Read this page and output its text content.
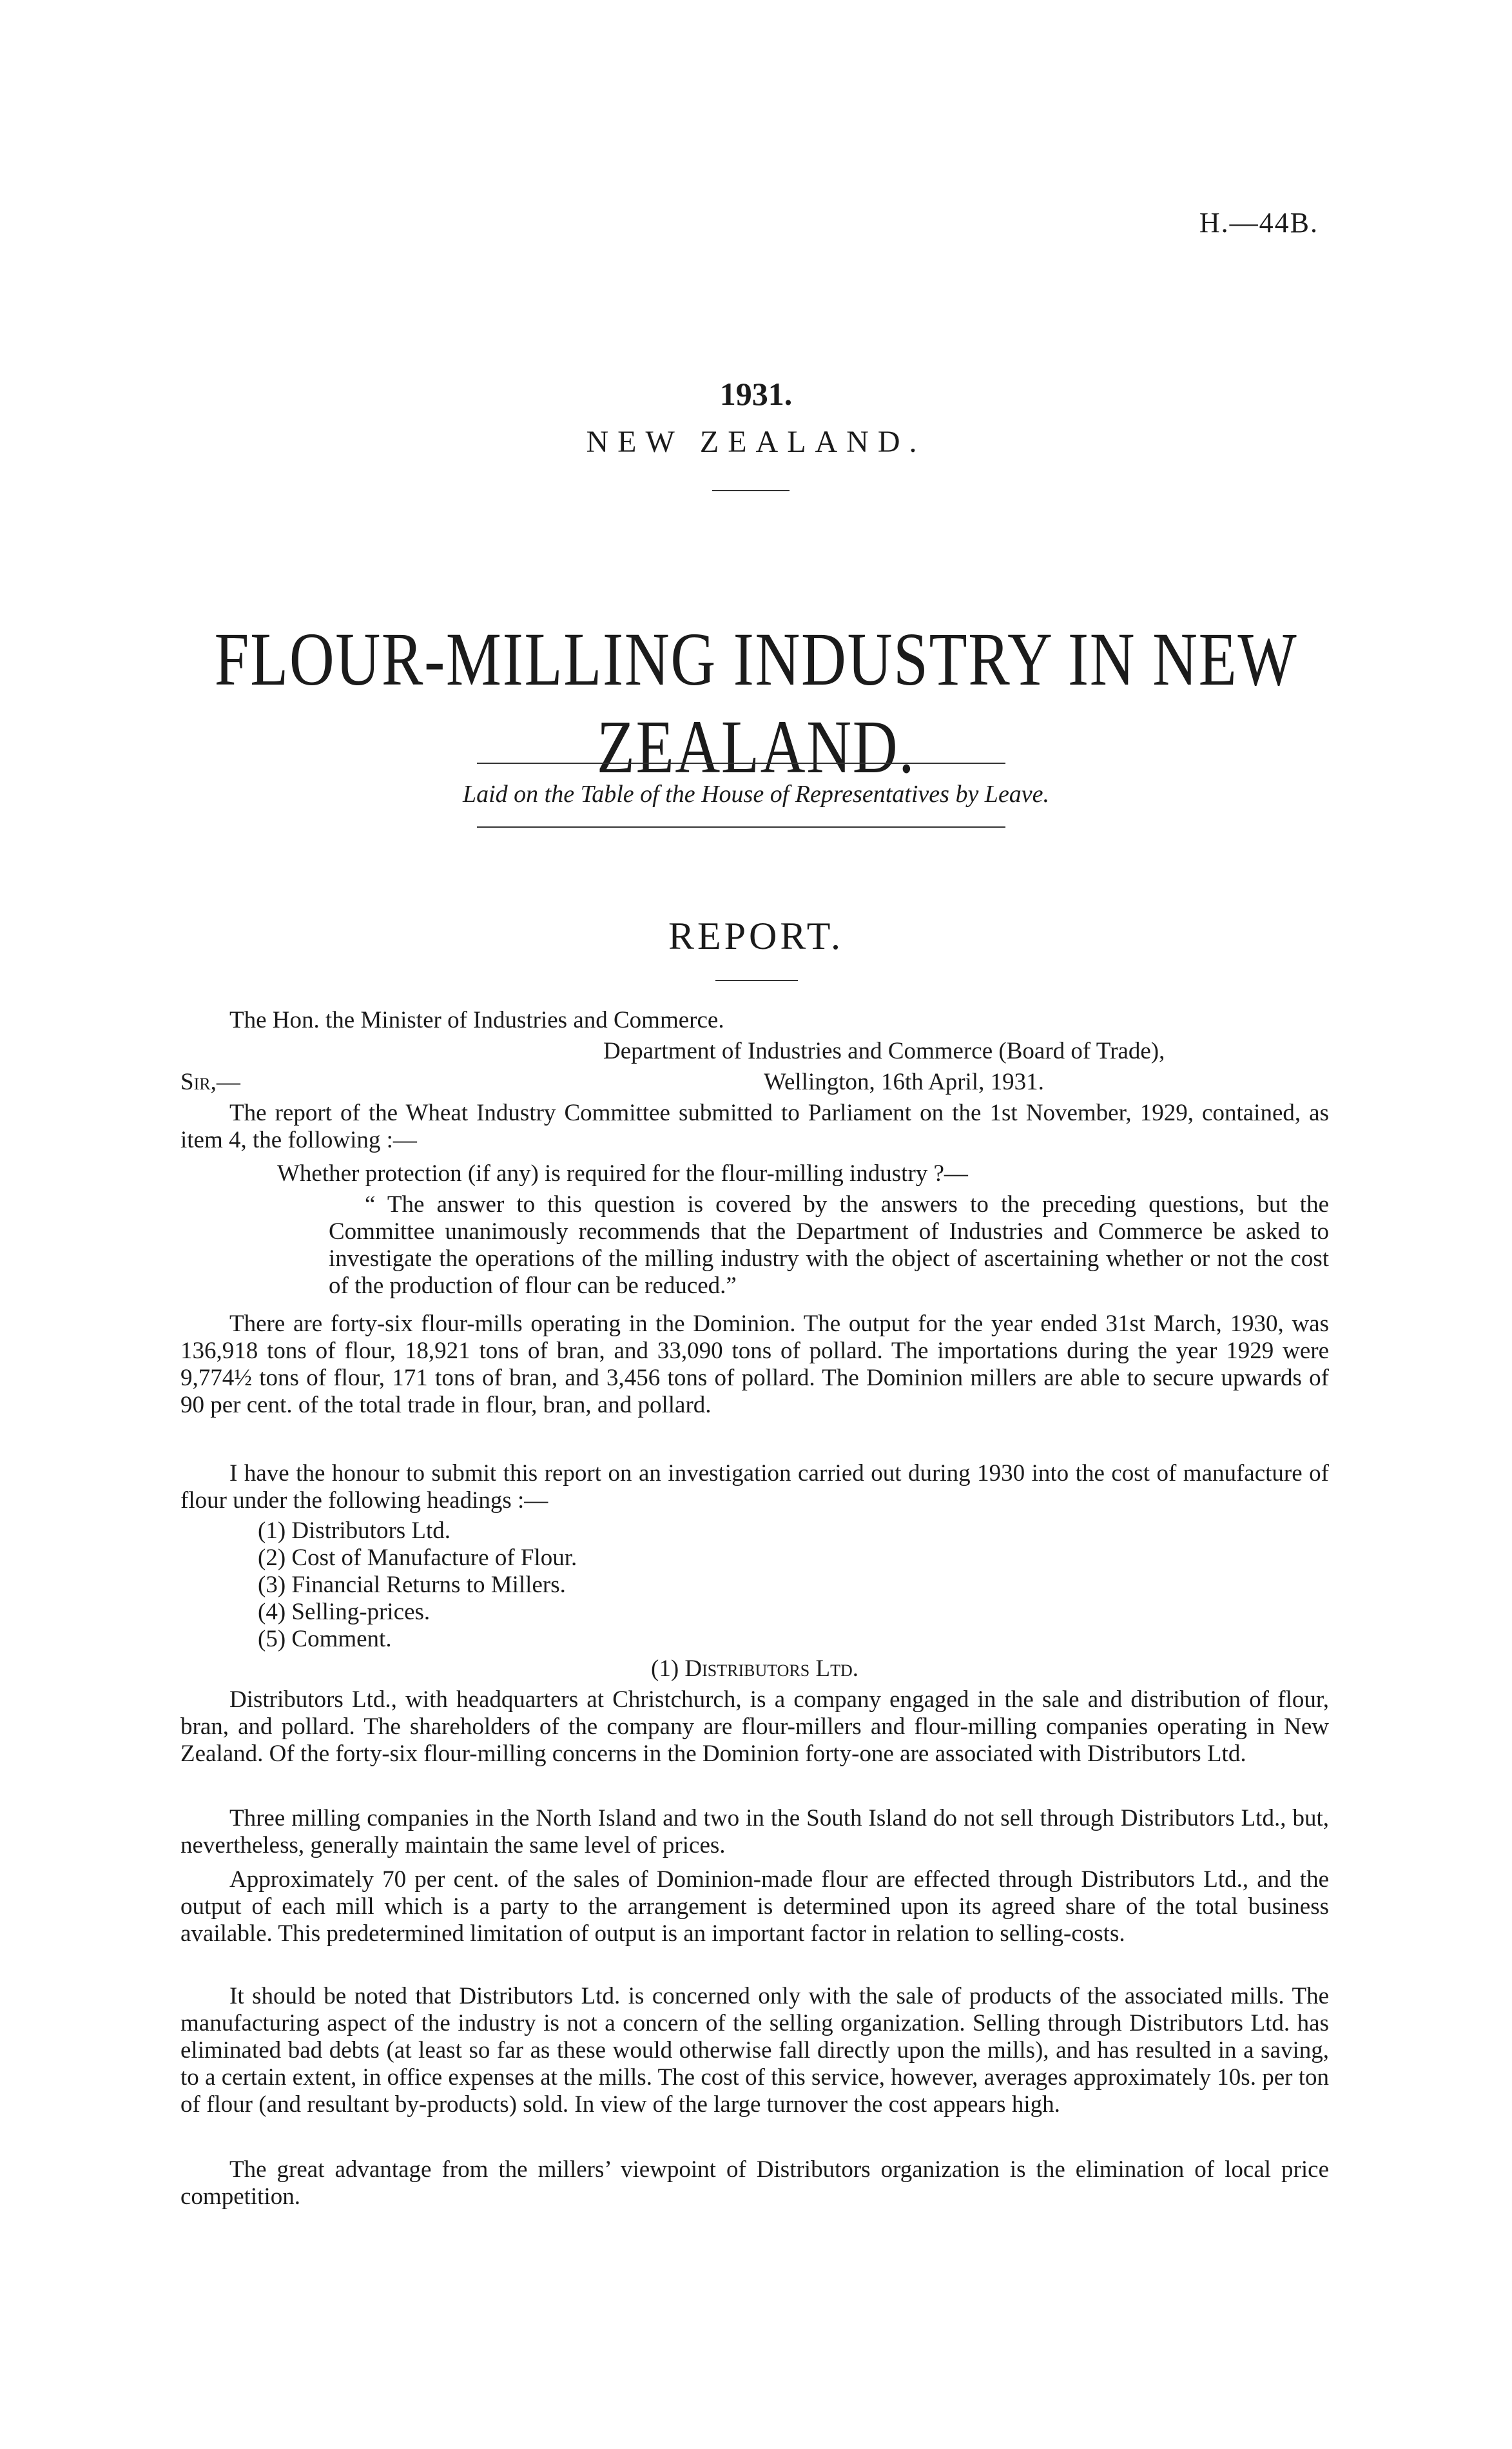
H.—44B.
1931.
NEW ZEALAND.
FLOUR-MILLING INDUSTRY IN NEW ZEALAND.
Laid on the Table of the House of Representatives by Leave.
REPORT.

The Hon. the Minister of Industries and Commerce.

Department of Industries and Commerce (Board of Trade),

Sir,—	Wellington, 16th April, 1931.

The report of the Wheat Industry Committee submitted to Parliament on the 1st November, 1929, contained, as item 4, the following :—

Whether protection (if any) is required for the flour-milling industry ?—

“ The answer to this question is covered by the answers to the preceding questions, but the Committee unanimously recommends that the Department of Industries and Commerce be asked to investigate the operations of the milling industry with the object of ascertaining whether or not the cost of the production of flour can be reduced.”

There are forty-six flour-mills operating in the Dominion. The output for the year ended 31st March, 1930, was 136,918 tons of flour, 18,921 tons of bran, and 33,090 tons of pollard. The importations during the year 1929 were 9,774½ tons of flour, 171 tons of bran, and 3,456 tons of pollard. The Dominion millers are able to secure upwards of 90 per cent. of the total trade in flour, bran, and pollard.

I have the honour to submit this report on an investigation carried out during 1930 into the cost of manufacture of flour under the following headings :—

(1) Distributors Ltd.
(2) Cost of Manufacture of Flour.
(3) Financial Returns to Millers.
(4) Selling-prices.
(5) Comment.
(1) Distributors Ltd.

Distributors Ltd., with headquarters at Christchurch, is a company engaged in the sale and distribution of flour, bran, and pollard. The shareholders of the company are flour-millers and flour-milling companies operating in New Zealand. Of the forty-six flour-milling concerns in the Dominion forty-one are associated with Distributors Ltd.

Three milling companies in the North Island and two in the South Island do not sell through Distributors Ltd., but, nevertheless, generally maintain the same level of prices.

Approximately 70 per cent. of the sales of Dominion-made flour are effected through Distributors Ltd., and the output of each mill which is a party to the arrangement is determined upon its agreed share of the total business available. This predetermined limitation of output is an important factor in relation to selling-costs.

It should be noted that Distributors Ltd. is concerned only with the sale of products of the associated mills. The manufacturing aspect of the industry is not a concern of the selling organization. Selling through Distributors Ltd. has eliminated bad debts (at least so far as these would otherwise fall directly upon the mills), and has resulted in a saving, to a certain extent, in office expenses at the mills. The cost of this service, however, averages approximately 10s. per ton of flour (and resultant by-products) sold. In view of the large turnover the cost appears high.

The great advantage from the millers’ viewpoint of Distributors organization is the elimination of local price competition.
